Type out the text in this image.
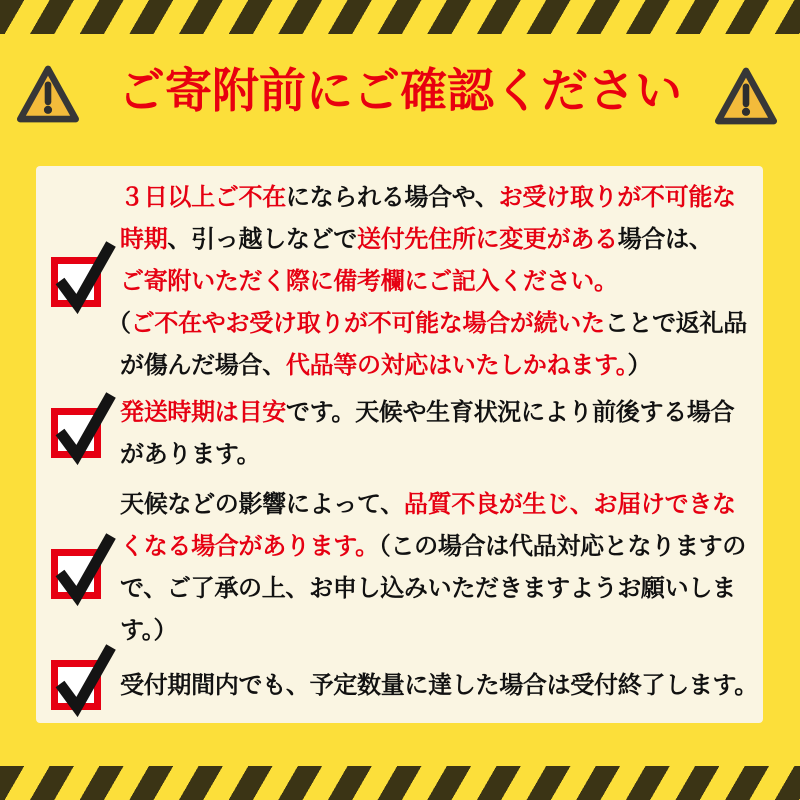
ご寄附前にご確認ください
３日以上ご不在になられる場合や、お受け取りが不可能な
時期、引っ越しなどで送付先住所に変更がある場合は、
ご寄附いただく際に備考欄にご記入ください。
（ご不在やお受け取りが不可能な場合が続いたことで返礼品
が傷んだ場合、代品等の対応はいたしかねます。）
発送時期は目安です。天候や生育状況により前後する場合
があります。
天候などの影響によって、品質不良が生じ、お届けできな
くなる場合があります。（この場合は代品対応となりますの
で、ご了承の上、お申し込みいただきますようお願いしま
す。）
受付期間内でも、予定数量に達した場合は受付終了します。
